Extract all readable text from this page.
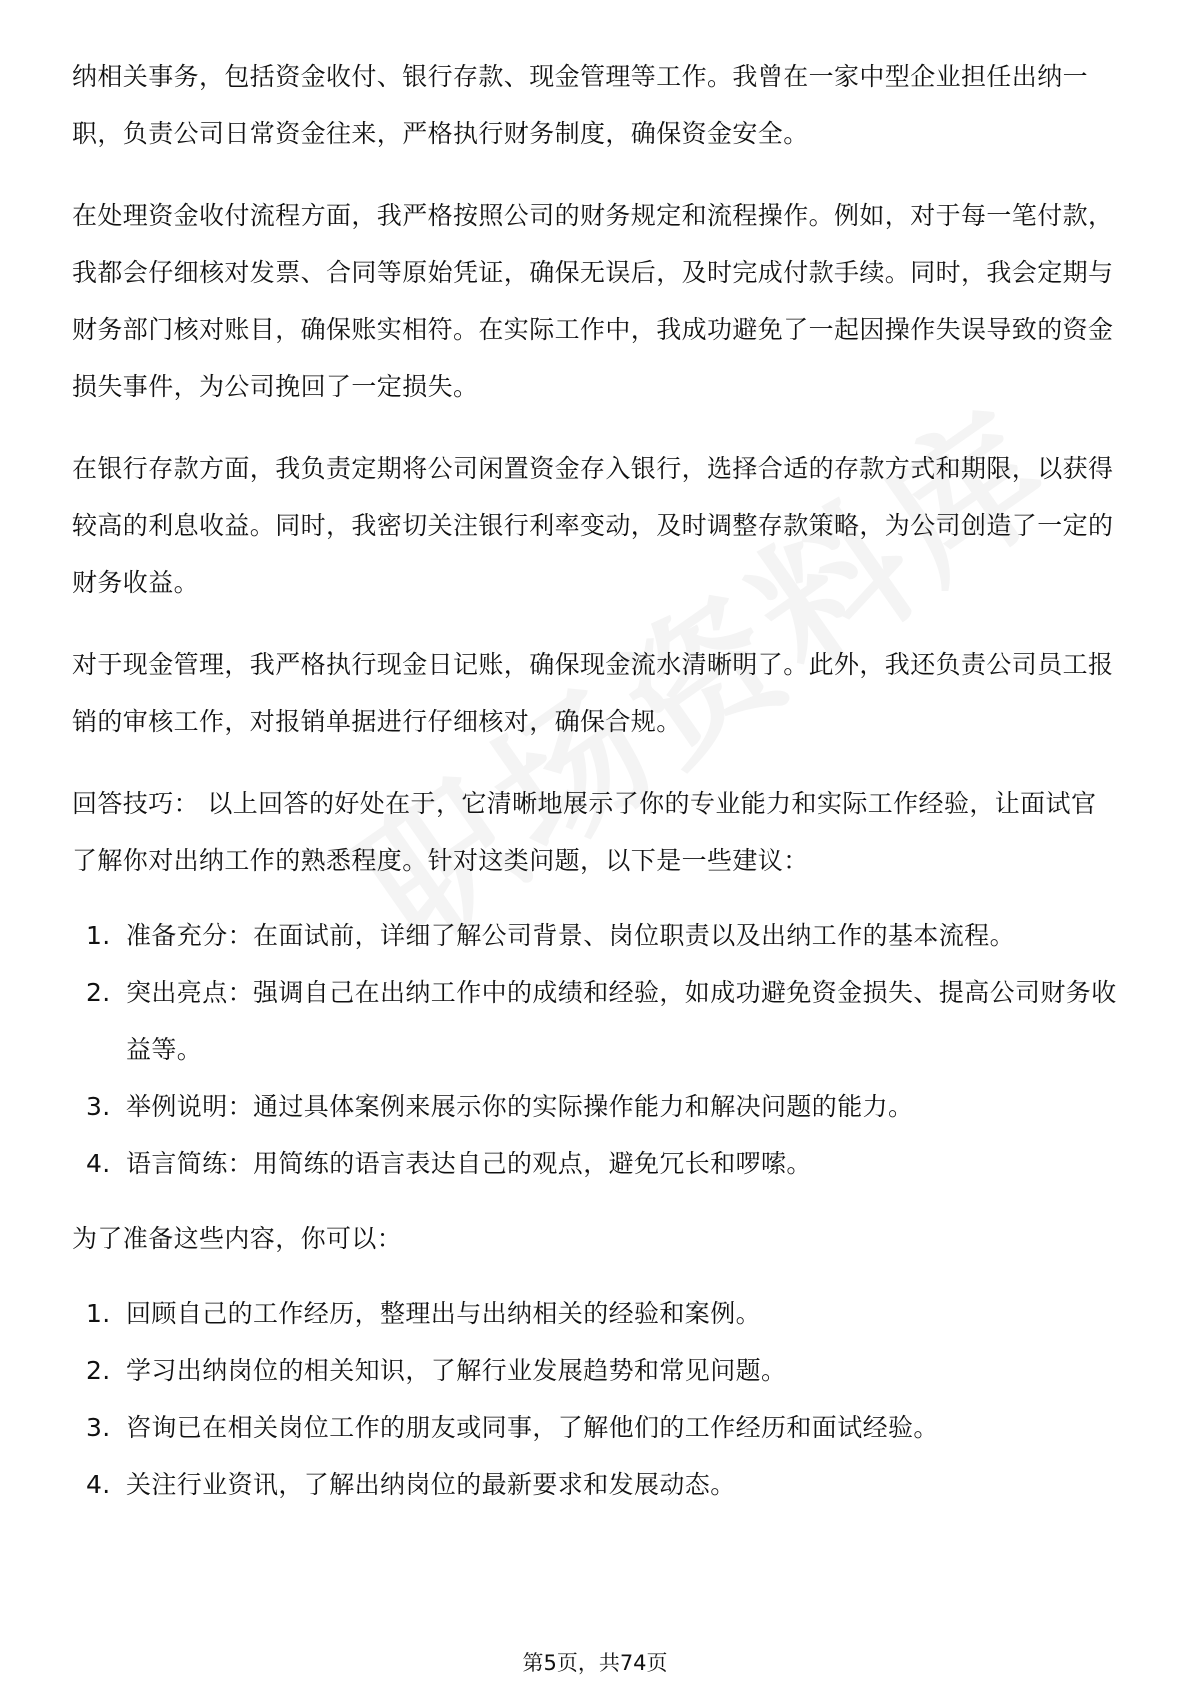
纳相关事务，包括资金收付、银行存款、现金管理等工作。我曾在一家中型企业担任出纳一职，负责公司日常资金往来，严格执行财务制度，确保资金安全。

在处理资金收付流程方面，我严格按照公司的财务规定和流程操作。例如，对于每一笔付款，我都会仔细核对发票、合同等原始凭证，确保无误后，及时完成付款手续。同时，我会定期与财务部门核对账目，确保账实相符。在实际工作中，我成功避免了一起因操作失误导致的资金损失事件，为公司挽回了一定损失。

在银行存款方面，我负责定期将公司闲置资金存入银行，选择合适的存款方式和期限，以获得较高的利息收益。同时，我密切关注银行利率变动，及时调整存款策略，为公司创造了一定的财务收益。

对于现金管理，我严格执行现金日记账，确保现金流水清晰明了。此外，我还负责公司员工报销的审核工作，对报销单据进行仔细核对，确保合规。

回答技巧： 以上回答的好处在于，它清晰地展示了你的专业能力和实际工作经验，让面试官了解你对出纳工作的熟悉程度。针对这类问题，以下是一些建议：

1. 准备充分：在面试前，详细了解公司背景、岗位职责以及出纳工作的基本流程。
2. 突出亮点：强调自己在出纳工作中的成绩和经验，如成功避免资金损失、提高公司财务收益等。
3. 举例说明：通过具体案例来展示你的实际操作能力和解决问题的能力。
4. 语言简练：用简练的语言表达自己的观点，避免冗长和啰嗦。

为了准备这些内容，你可以：

1. 回顾自己的工作经历，整理出与出纳相关的经验和案例。
2. 学习出纳岗位的相关知识，了解行业发展趋势和常见问题。
3. 咨询已在相关岗位工作的朋友或同事，了解他们的工作经历和面试经验。
4. 关注行业资讯，了解出纳岗位的最新要求和发展动态。
第5页，共74页
